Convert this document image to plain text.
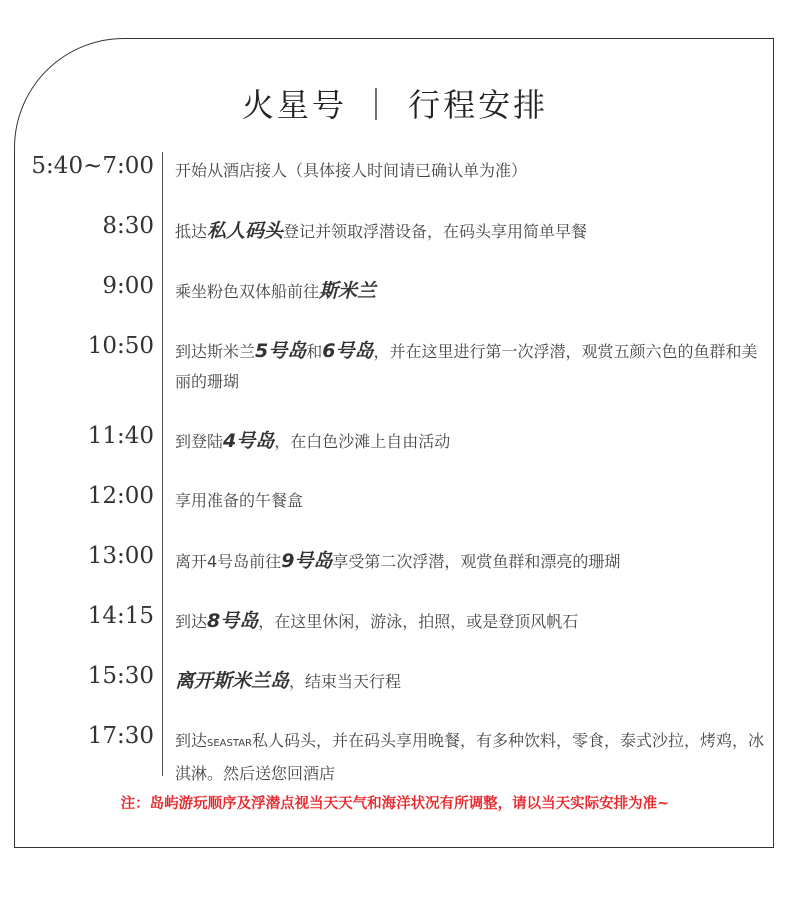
火星号 ｜ 行程安排
5:40~7:00 开始从酒店接人（具体接人时间请已确认单为准）
8:30 抵达私人码头登记并领取浮潜设备，在码头享用简单早餐
9:00 乘坐粉色双体船前往斯米兰
10:50 到达斯米兰5号岛和6号岛，并在这里进行第一次浮潜，观赏五颜六色的鱼群和美丽的珊瑚
11:40 到登陆4号岛，在白色沙滩上自由活动
12:00 享用准备的午餐盒
13:00 离开4号岛前往9号岛享受第二次浮潜，观赏鱼群和漂亮的珊瑚
14:15 到达8号岛，在这里休闲，游泳，拍照，或是登顶风帆石
15:30 离开斯米兰岛，结束当天行程
17:30 到达SEASTAR私人码头，并在码头享用晚餐，有多种饮料，零食，泰式沙拉，烤鸡，冰淇淋。然后送您回酒店
注：岛屿游玩顺序及浮潜点视当天天气和海洋状况有所调整，请以当天实际安排为准~
